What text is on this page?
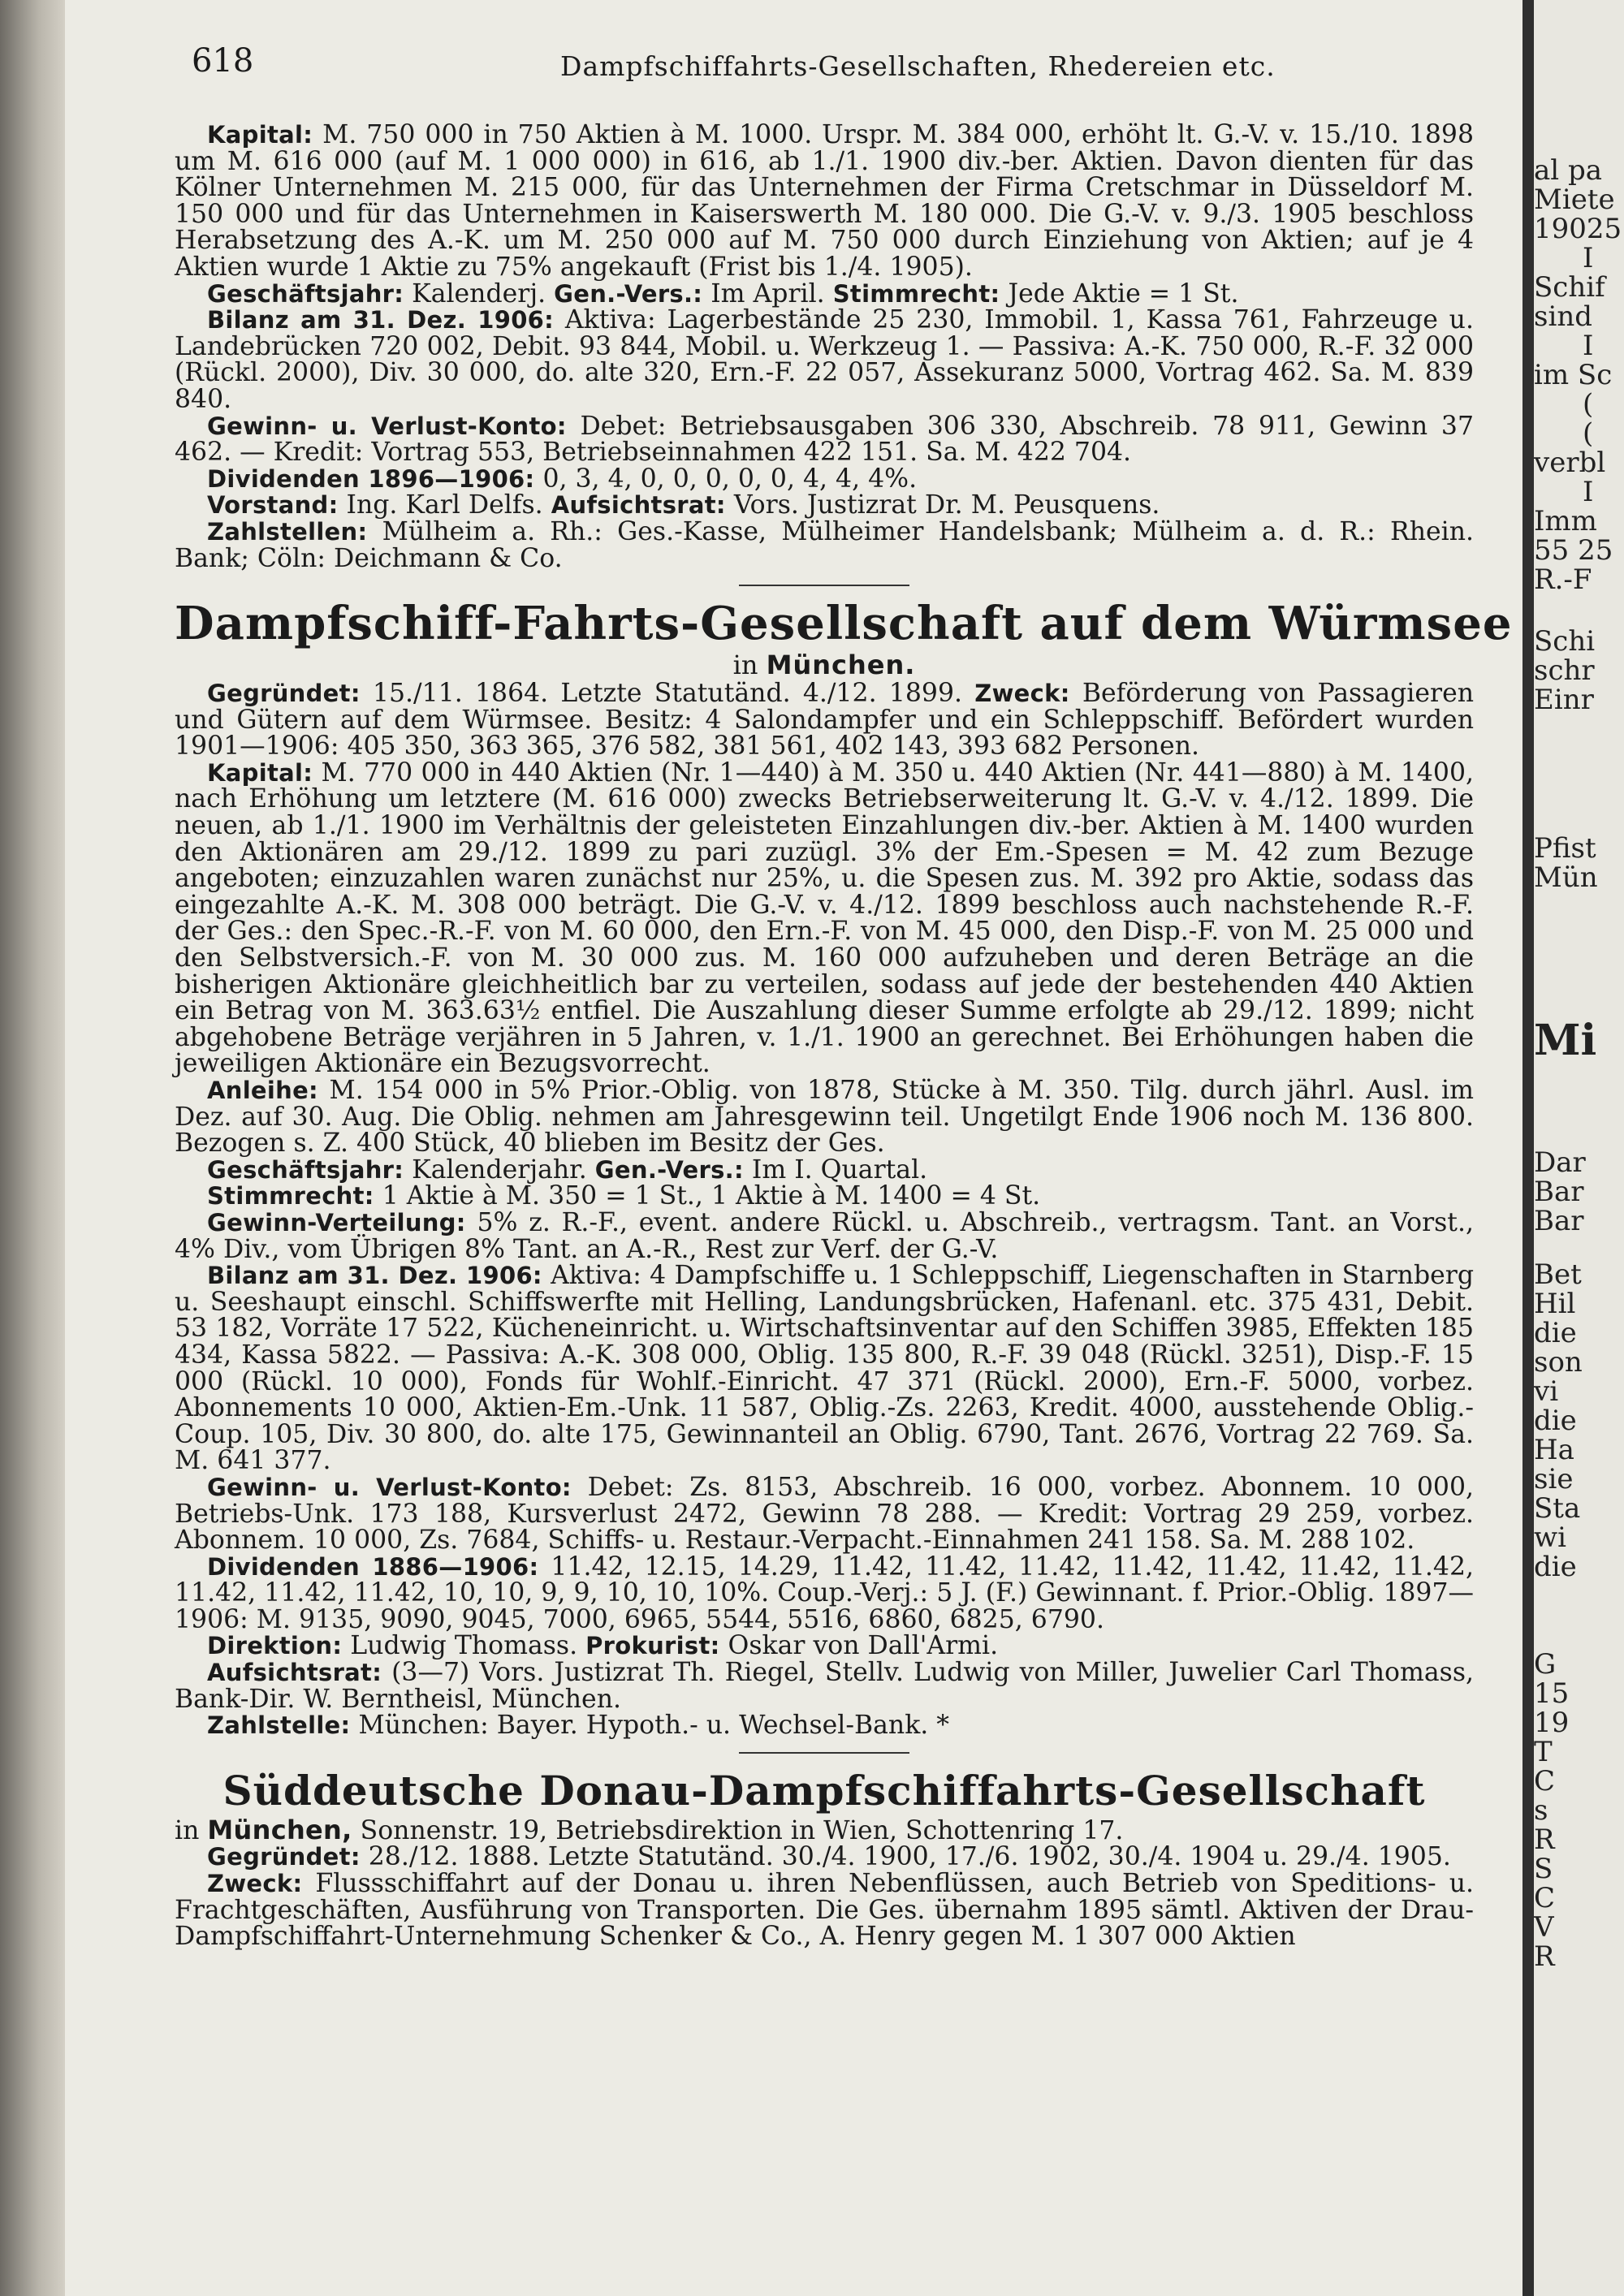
al pa
Miete
19025
I
Schif
sind
I
im Sc
(
(
verbl
I
Imm
55 25
R.-F
Schi
schr
Einr
Pfist
Mün
Mi
Dar
Bar
Bar
Bet
Hil
die
son
vi
die
Ha
sie
Sta
wi
die
G
15
19
T
C
s
R
S
C
V
R
618	Dampfschiffahrts-Gesellschaften, Rhedereien etc.

Kapital: M. 750 000 in 750 Aktien à M. 1000. Urspr. M. 384 000, erhöht lt. G.-V. v. 15./10. 1898 um M. 616 000 (auf M. 1 000 000) in 616, ab 1./1. 1900 div.-ber. Aktien. Davon dienten für das Kölner Unternehmen M. 215 000, für das Unternehmen der Firma Cretschmar in Düsseldorf M. 150 000 und für das Unternehmen in Kaiserswerth M. 180 000. Die G.-V. v. 9./3. 1905 beschloss Herabsetzung des A.-K. um M. 250 000 auf M. 750 000 durch Einziehung von Aktien; auf je 4 Aktien wurde 1 Aktie zu 75% angekauft (Frist bis 1./4. 1905).

Geschäftsjahr: Kalenderj. Gen.-Vers.: Im April. Stimmrecht: Jede Aktie = 1 St.

Bilanz am 31. Dez. 1906: Aktiva: Lagerbestände 25 230, Immobil. 1, Kassa 761, Fahrzeuge u. Landebrücken 720 002, Debit. 93 844, Mobil. u. Werkzeug 1. — Passiva: A.-K. 750 000, R.-F. 32 000 (Rückl. 2000), Div. 30 000, do. alte 320, Ern.-F. 22 057, Assekuranz 5000, Vortrag 462. Sa. M. 839 840.

Gewinn- u. Verlust-Konto: Debet: Betriebsausgaben 306 330, Abschreib. 78 911, Gewinn 37 462. — Kredit: Vortrag 553, Betriebseinnahmen 422 151. Sa. M. 422 704.

Dividenden 1896—1906: 0, 3, 4, 0, 0, 0, 0, 0, 4, 4, 4%.

Vorstand: Ing. Karl Delfs. Aufsichtsrat: Vors. Justizrat Dr. M. Peusquens.

Zahlstellen: Mülheim a. Rh.: Ges.-Kasse, Mülheimer Handelsbank; Mülheim a. d. R.: Rhein. Bank; Cöln: Deichmann & Co.

Dampfschiff-Fahrts-Gesellschaft auf dem Würmsee

in München.

Gegründet: 15./11. 1864. Letzte Statutänd. 4./12. 1899. Zweck: Beförderung von Passagieren und Gütern auf dem Würmsee. Besitz: 4 Salondampfer und ein Schleppschiff. Befördert wurden 1901—1906: 405 350, 363 365, 376 582, 381 561, 402 143, 393 682 Personen.

Kapital: M. 770 000 in 440 Aktien (Nr. 1—440) à M. 350 u. 440 Aktien (Nr. 441—880) à M. 1400, nach Erhöhung um letztere (M. 616 000) zwecks Betriebserweiterung lt. G.-V. v. 4./12. 1899. Die neuen, ab 1./1. 1900 im Verhältnis der geleisteten Einzahlungen div.-ber. Aktien à M. 1400 wurden den Aktionären am 29./12. 1899 zu pari zuzügl. 3% der Em.-Spesen = M. 42 zum Bezuge angeboten; einzuzahlen waren zunächst nur 25%, u. die Spesen zus. M. 392 pro Aktie, sodass das eingezahlte A.-K. M. 308 000 beträgt. Die G.-V. v. 4./12. 1899 beschloss auch nachstehende R.-F. der Ges.: den Spec.-R.-F. von M. 60 000, den Ern.-F. von M. 45 000, den Disp.-F. von M. 25 000 und den Selbstversich.-F. von M. 30 000 zus. M. 160 000 aufzuheben und deren Beträge an die bisherigen Aktionäre gleichheitlich bar zu verteilen, sodass auf jede der bestehenden 440 Aktien ein Betrag von M. 363.63½ entfiel. Die Auszahlung dieser Summe erfolgte ab 29./12. 1899; nicht abgehobene Beträge verjähren in 5 Jahren, v. 1./1. 1900 an gerechnet. Bei Erhöhungen haben die jeweiligen Aktionäre ein Bezugsvorrecht.

Anleihe: M. 154 000 in 5% Prior.-Oblig. von 1878, Stücke à M. 350. Tilg. durch jährl. Ausl. im Dez. auf 30. Aug. Die Oblig. nehmen am Jahresgewinn teil. Ungetilgt Ende 1906 noch M. 136 800. Bezogen s. Z. 400 Stück, 40 blieben im Besitz der Ges.

Geschäftsjahr: Kalenderjahr. Gen.-Vers.: Im I. Quartal.

Stimmrecht: 1 Aktie à M. 350 = 1 St., 1 Aktie à M. 1400 = 4 St.

Gewinn-Verteilung: 5% z. R.-F., event. andere Rückl. u. Abschreib., vertragsm. Tant. an Vorst., 4% Div., vom Übrigen 8% Tant. an A.-R., Rest zur Verf. der G.-V.

Bilanz am 31. Dez. 1906: Aktiva: 4 Dampfschiffe u. 1 Schleppschiff, Liegenschaften in Starnberg u. Seeshaupt einschl. Schiffswerfte mit Helling, Landungsbrücken, Hafenanl. etc. 375 431, Debit. 53 182, Vorräte 17 522, Kücheneinricht. u. Wirtschaftsinventar auf den Schiffen 3985, Effekten 185 434, Kassa 5822. — Passiva: A.-K. 308 000, Oblig. 135 800, R.-F. 39 048 (Rückl. 3251), Disp.-F. 15 000 (Rückl. 10 000), Fonds für Wohlf.-Einricht. 47 371 (Rückl. 2000), Ern.-F. 5000, vorbez. Abonnements 10 000, Aktien-Em.-Unk. 11 587, Oblig.-Zs. 2263, Kredit. 4000, ausstehende Oblig.-Coup. 105, Div. 30 800, do. alte 175, Gewinnanteil an Oblig. 6790, Tant. 2676, Vortrag 22 769. Sa. M. 641 377.

Gewinn- u. Verlust-Konto: Debet: Zs. 8153, Abschreib. 16 000, vorbez. Abonnem. 10 000, Betriebs-Unk. 173 188, Kursverlust 2472, Gewinn 78 288. — Kredit: Vortrag 29 259, vorbez. Abonnem. 10 000, Zs. 7684, Schiffs- u. Restaur.-Verpacht.-Einnahmen 241 158. Sa. M. 288 102.

Dividenden 1886—1906: 11.42, 12.15, 14.29, 11.42, 11.42, 11.42, 11.42, 11.42, 11.42, 11.42, 11.42, 11.42, 11.42, 10, 10, 9, 9, 10, 10, 10%. Coup.-Verj.: 5 J. (F.) Gewinnant. f. Prior.-Oblig. 1897—1906: M. 9135, 9090, 9045, 7000, 6965, 5544, 5516, 6860, 6825, 6790.

Direktion: Ludwig Thomass. Prokurist: Oskar von Dall'Armi.

Aufsichtsrat: (3—7) Vors. Justizrat Th. Riegel, Stellv. Ludwig von Miller, Juwelier Carl Thomass, Bank-Dir. W. Berntheisl, München.

Zahlstelle: München: Bayer. Hypoth.- u. Wechsel-Bank. *

Süddeutsche Donau-Dampfschiffahrts-Gesellschaft

in München, Sonnenstr. 19, Betriebsdirektion in Wien, Schottenring 17.

Gegründet: 28./12. 1888. Letzte Statutänd. 30./4. 1900, 17./6. 1902, 30./4. 1904 u. 29./4. 1905.

Zweck: Flussschiffahrt auf der Donau u. ihren Nebenflüssen, auch Betrieb von Speditions- u. Frachtgeschäften, Ausführung von Transporten. Die Ges. übernahm 1895 sämtl. Aktiven der Drau-Dampfschiffahrt-Unternehmung Schenker & Co., A. Henry gegen M. 1 307 000 Aktien
